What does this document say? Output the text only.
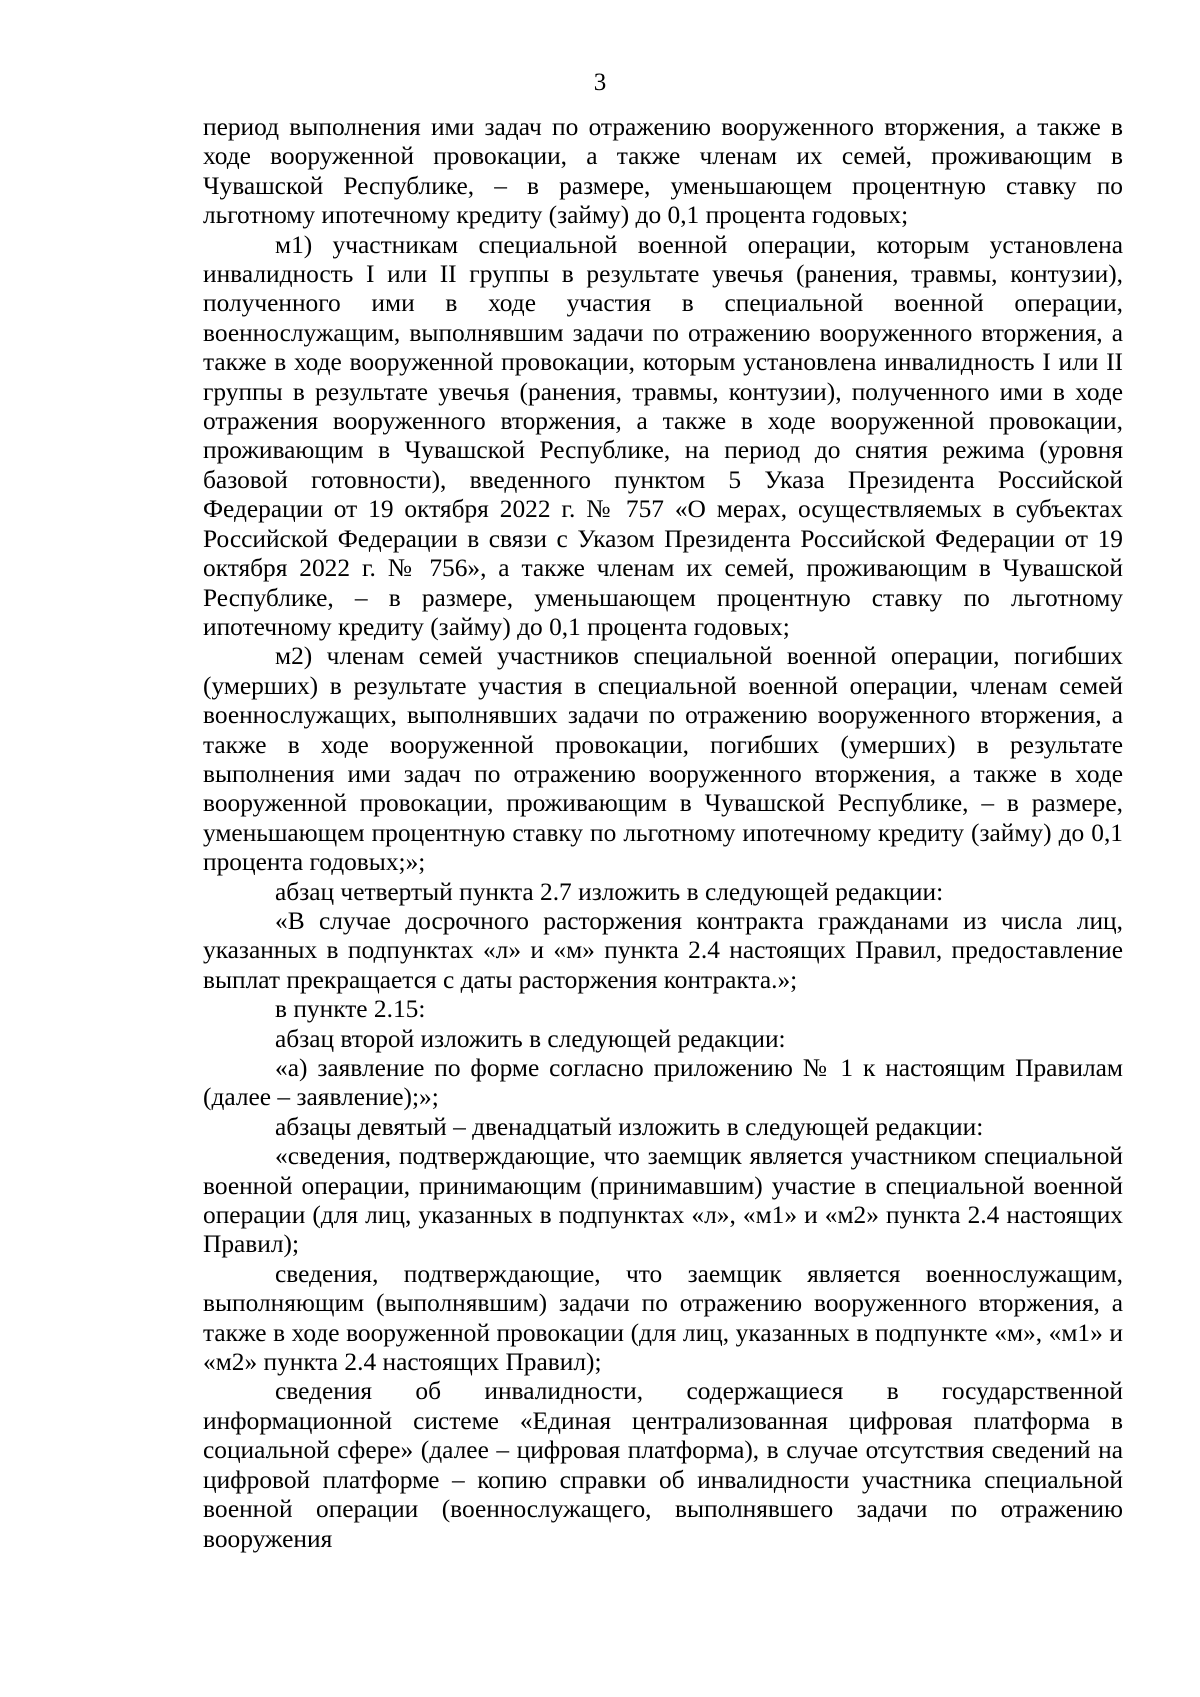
3

период выполнения ими задач по отражению вооруженного вторжения, а также в ходе вооруженной провокации, а также членам их семей, проживающим в Чувашской Республике, – в размере, уменьшающем процентную ставку по льготному ипотечному кредиту (займу) до 0,1 процента годовых;

м1) участникам специальной военной операции, которым установлена инвалидность I или II группы в результате увечья (ранения, травмы, контузии), полученного ими в ходе участия в специальной военной операции, военнослужащим, выполнявшим задачи по отражению вооруженного вторжения, а также в ходе вооруженной провокации, которым установлена инвалидность I или II группы в результате увечья (ранения, травмы, контузии), полученного ими в ходе отражения вооруженного вторжения, а также в ходе вооруженной провокации, проживающим в Чувашской Республике, на период до снятия режима (уровня базовой готовности), введенного пунктом 5 Указа Президента Российской Федерации от 19 октября 2022 г. № 757 «О мерах, осуществляемых в субъектах Российской Федерации в связи с Указом Президента Российской Федерации от 19 октября 2022 г. № 756», а также членам их семей, проживающим в Чувашской Республике, – в размере, уменьшающем процентную ставку по льготному ипотечному кредиту (займу) до 0,1 процента годовых;

м2) членам семей участников специальной военной операции, погибших (умерших) в результате участия в специальной военной операции, членам семей военнослужащих, выполнявших задачи по отражению вооруженного вторжения, а также в ходе вооруженной провокации, погибших (умерших) в результате выполнения ими задач по отражению вооруженного вторжения, а также в ходе вооруженной провокации, проживающим в Чувашской Республике, – в размере, уменьшающем процентную ставку по льготному ипотечному кредиту (займу) до 0,1 процента годовых;»;

абзац четвертый пункта 2.7 изложить в следующей редакции:

«В случае досрочного расторжения контракта гражданами из числа лиц, указанных в подпунктах «л» и «м» пункта 2.4 настоящих Правил, предоставление выплат прекращается с даты расторжения контракта.»;

в пункте 2.15:

абзац второй изложить в следующей редакции:

«а) заявление по форме согласно приложению № 1 к настоящим Правилам (далее – заявление);»;

абзацы девятый – двенадцатый изложить в следующей редакции:

«сведения, подтверждающие, что заемщик является участником специальной военной операции, принимающим (принимавшим) участие в специальной военной операции (для лиц, указанных в подпунктах «л», «м1» и «м2» пункта 2.4 настоящих Правил);

сведения, подтверждающие, что заемщик является военнослужащим, выполняющим (выполнявшим) задачи по отражению вооруженного вторжения, а также в ходе вооруженной провокации (для лиц, указанных в подпункте «м», «м1» и «м2» пункта 2.4 настоящих Правил);

сведения об инвалидности, содержащиеся в государственной информационной системе «Единая централизованная цифровая платформа в социальной сфере» (далее – цифровая платформа), в случае отсутствия сведений на цифровой платформе – копию справки об инвалидности участника специальной военной операции (военнослужащего, выполнявшего задачи по отражению вооружения
